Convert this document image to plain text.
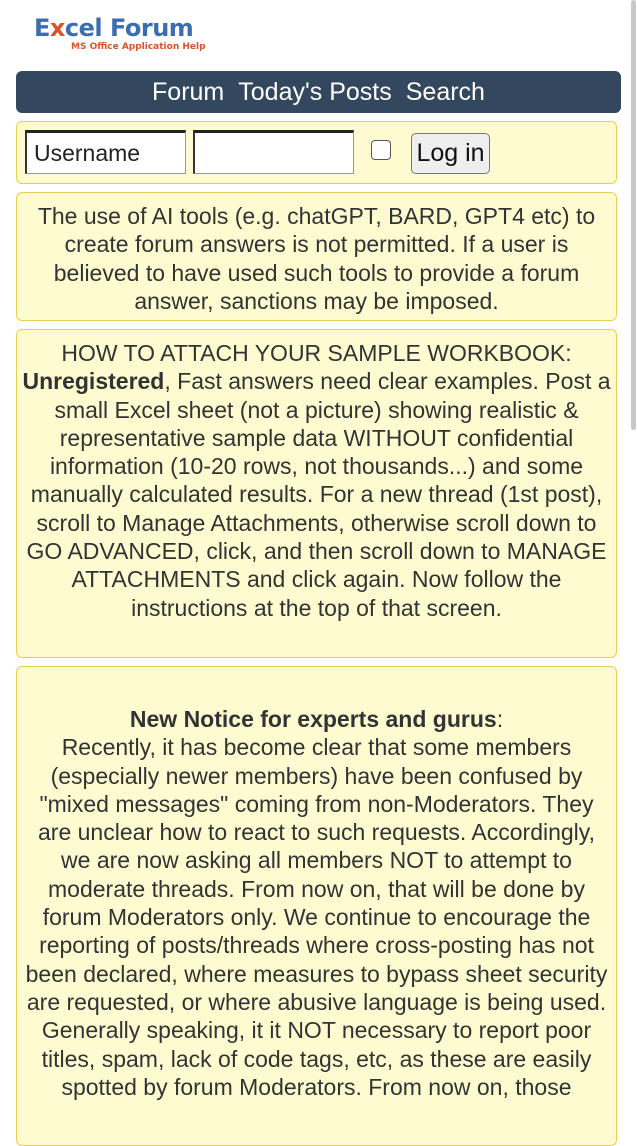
Excel Forum
MS Office Application Help
Forum Today's Posts Search
Username
Log in
The use of AI tools (e.g. chatGPT, BARD, GPT4 etc) to create forum answers is not permitted. If a user is believed to have used such tools to provide a forum answer, sanctions may be imposed.
HOW TO ATTACH YOUR SAMPLE WORKBOOK:
Unregistered, Fast answers need clear examples. Post a small Excel sheet (not a picture) showing realistic & representative sample data WITHOUT confidential information (10-20 rows, not thousands...) and some manually calculated results. For a new thread (1st post), scroll to Manage Attachments, otherwise scroll down to GO ADVANCED, click, and then scroll down to MANAGE ATTACHMENTS and click again. Now follow the instructions at the top of that screen.
New Notice for experts and gurus:
Recently, it has become clear that some members (especially newer members) have been confused by "mixed messages" coming from non-Moderators. They are unclear how to react to such requests. Accordingly, we are now asking all members NOT to attempt to moderate threads. From now on, that will be done by forum Moderators only. We continue to encourage the reporting of posts/threads where cross-posting has not been declared, where measures to bypass sheet security are requested, or where abusive language is being used. Generally speaking, it it NOT necessary to report poor titles, spam, lack of code tags, etc, as these are easily spotted by forum Moderators. From now on, those
